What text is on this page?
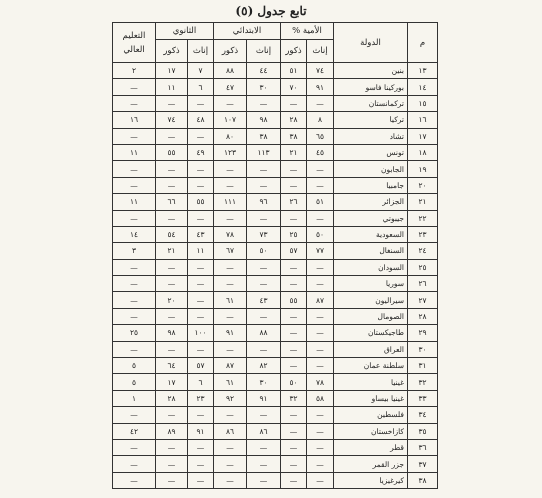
تابع جدول (٥)
م	الدولة	الأمية %		الابتدائي		الثانوي		التعليم العالي
		إناث	ذكور	إناث	ذكور	إناث	ذكور	
١٣	بنين	٧٤	٥١	٤٤	٨٨	٧	١٧	٢
١٤	بوركينا فاسو	٩١	٧٠	٣٠	٤٧	٦	١١	—
١٥	تركمانستان	—	—	—	—	—	—	—
١٦	تركيا	٨	٢٨	٩٨	١٠٧	٤٨	٧٤	١٦
١٧	تشاد	٦٥	٣٨	٣٨	٨٠	—	—	—
١٨	تونس	٤٥	٢١	١١٣	١٢٣	٤٩	٥٥	١١
١٩	الجابون	—	—	—	—	—	—	—
٢٠	جامبيا	—	—	—	—	—	—	—
٢١	الجزائر	٥١	٢٦	٩٦	١١١	٥٥	٦٦	١١
٢٢	جيبوتي	—	—	—	—	—	—	—
٢٣	السعودية	٥٠	٢٥	٧٣	٧٨	٤٣	٥٤	١٤
٢٤	السنغال	٧٧	٥٧	٥٠	٦٧	١١	٢١	٣
٢٥	السودان	—	—	—	—	—	—	—
٢٦	سوريا	—	—	—	—	—	—	—
٢٧	سيراليون	٨٧	٥٥	٤٣	٦١	—	٢٠	—
٢٨	الصومال	—	—	—	—	—	—	—
٢٩	طاجيكستان	—	—	٨٨	٩١	١٠٠	٩٨	٢٥
٣٠	العراق	—	—	—	—	—	—	—
٣١	سلطنة عمان	—	—	٨٢	٨٧	٥٧	٦٤	٥
٣٢	غينيا	٧٨	٥٠	٣٠	٦١	٦	١٧	٥
٣٣	غينيا بيساو	٥٨	٣٢	٩١	٩٢	٢٣	٢٨	١
٣٤	فلسطين	—	—	—	—	—	—	—
٣٥	كازاخستان	—	—	٨٦	٨٦	٩١	٨٩	٤٢
٣٦	قطر	—	—	—	—	—	—	—
٣٧	جزر القمر	—	—	—	—	—	—	—
٣٨	كيرغيزيا	—	—	—	—	—	—	—
